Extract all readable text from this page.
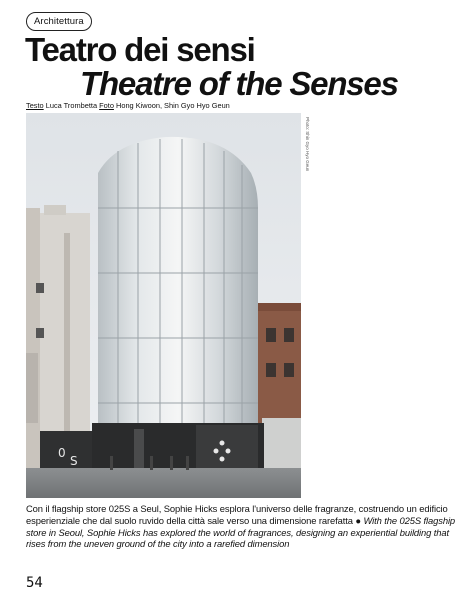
Architettura
Teatro dei sensi
Theatre of the Senses
Testo Luca Trombetta Foto Hong Kiwoon, Shin Gyo Hyo Geun
0
S
Photo: Shin Gyo Hyo Geun
Con il flagship store 025S a Seul, Sophie Hicks esplora l'universo delle fragranze, costruendo un edificio esperienziale che dal suolo ruvido della città sale verso una dimensione rarefatta ● With the 025S flagship store in Seoul, Sophie Hicks has explored the world of fragrances, designing an experiential building that rises from the uneven ground of the city into a rarefied dimension
54
